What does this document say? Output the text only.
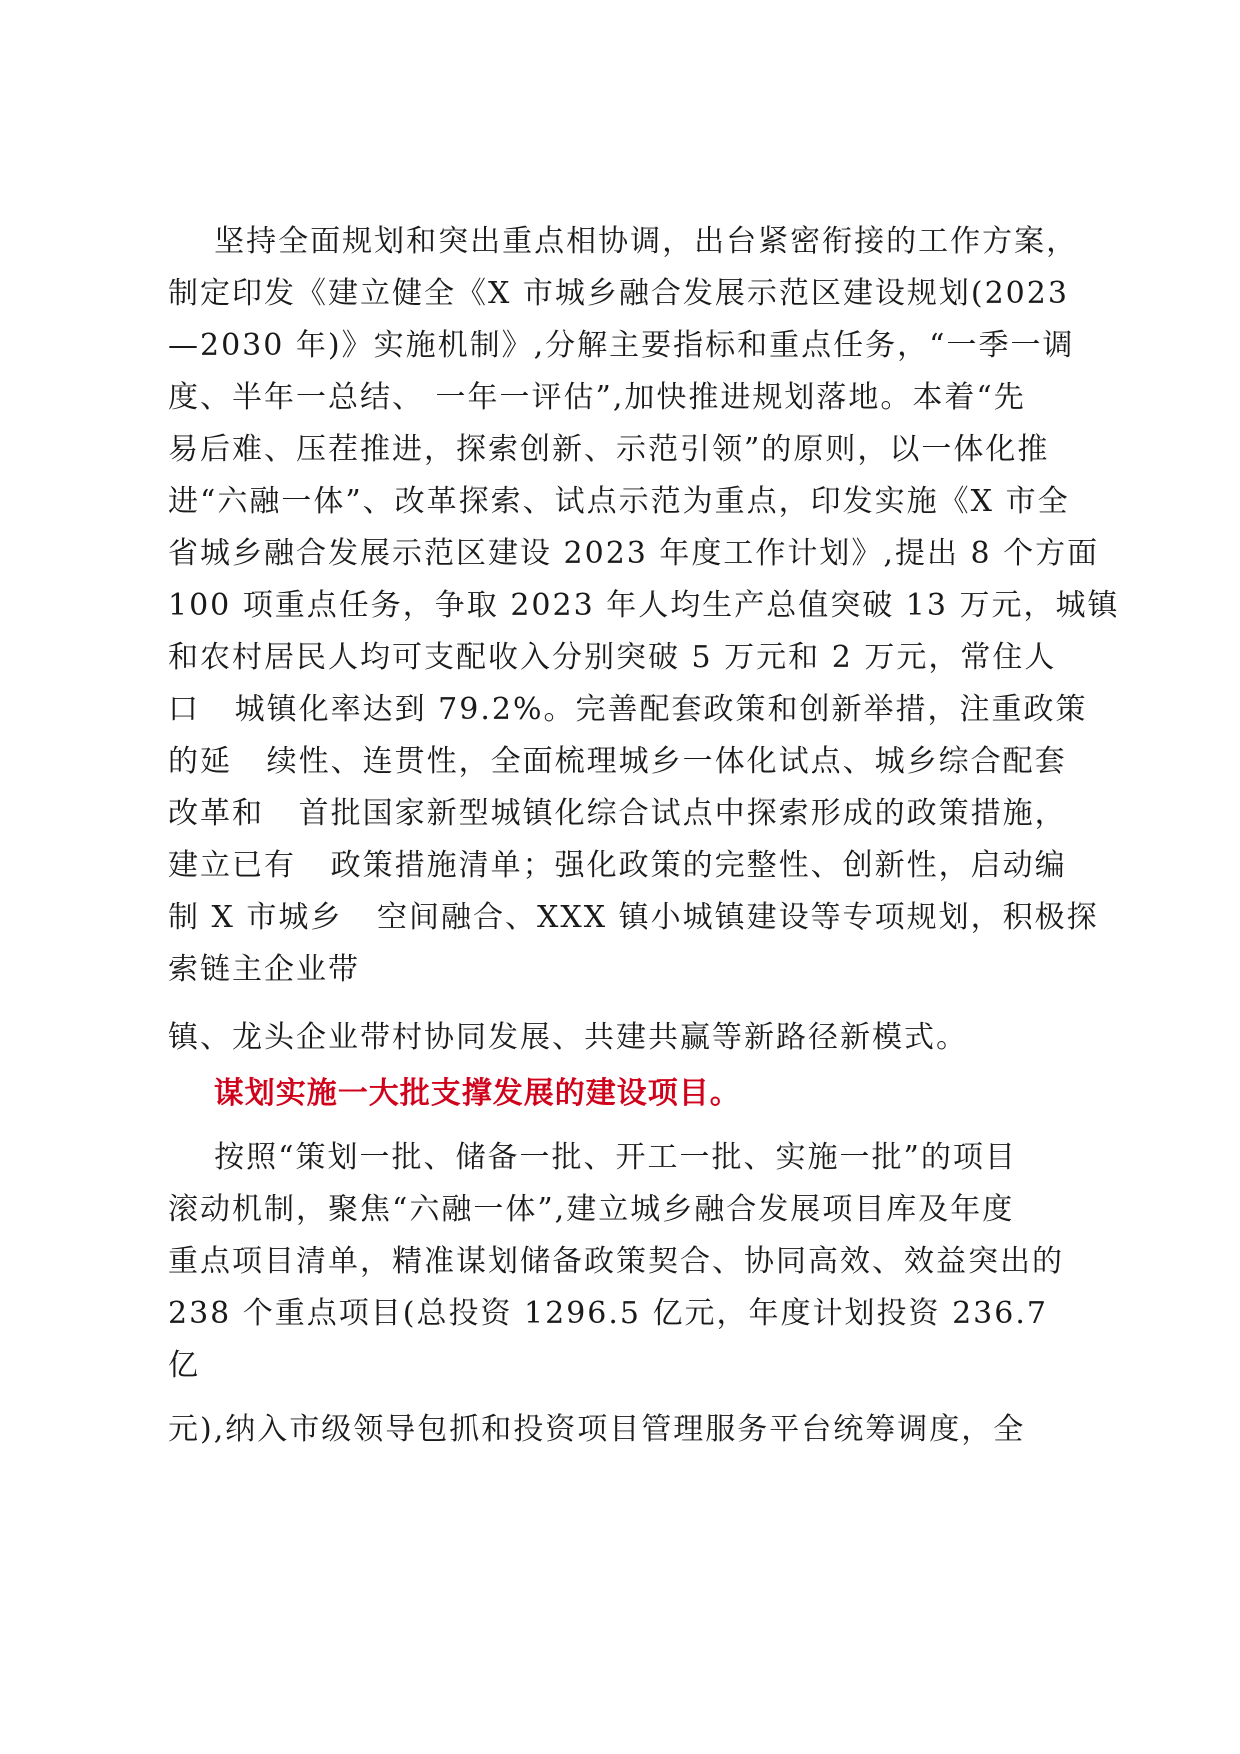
坚持全面规划和突出重点相协调，出台紧密衔接的工作方案，
制定印发《建立健全《X 市城乡融合发展示范区建设规划(2023
—2030 年)》实施机制》,分解主要指标和重点任务，“一季一调
度、半年一总结、 一年一评估”,加快推进规划落地。本着“先
易后难、压茬推进，探索创新、示范引领”的原则，以一体化推
进“六融一体”、改革探索、试点示范为重点，印发实施《X 市全
省城乡融合发展示范区建设 2023 年度工作计划》,提出 8 个方面
100 项重点任务，争取 2023 年人均生产总值突破 13 万元，城镇
和农村居民人均可支配收入分别突破 5 万元和 2 万元，常住人
口   城镇化率达到 79.2%。完善配套政策和创新举措，注重政策
的延   续性、连贯性，全面梳理城乡一体化试点、城乡综合配套
改革和   首批国家新型城镇化综合试点中探索形成的政策措施，
建立已有   政策措施清单；强化政策的完整性、创新性，启动编
制 X 市城乡   空间融合、XXX 镇小城镇建设等专项规划，积极探
索链主企业带
镇、龙头企业带村协同发展、共建共赢等新路径新模式。
谋划实施一大批支撑发展的建设项目。
按照“策划一批、储备一批、开工一批、实施一批”的项目
滚动机制，聚焦“六融一体”,建立城乡融合发展项目库及年度
重点项目清单，精准谋划储备政策契合、协同高效、效益突出的
238 个重点项目(总投资 1296.5 亿元，年度计划投资 236.7
亿
元),纳入市级领导包抓和投资项目管理服务平台统筹调度，全
